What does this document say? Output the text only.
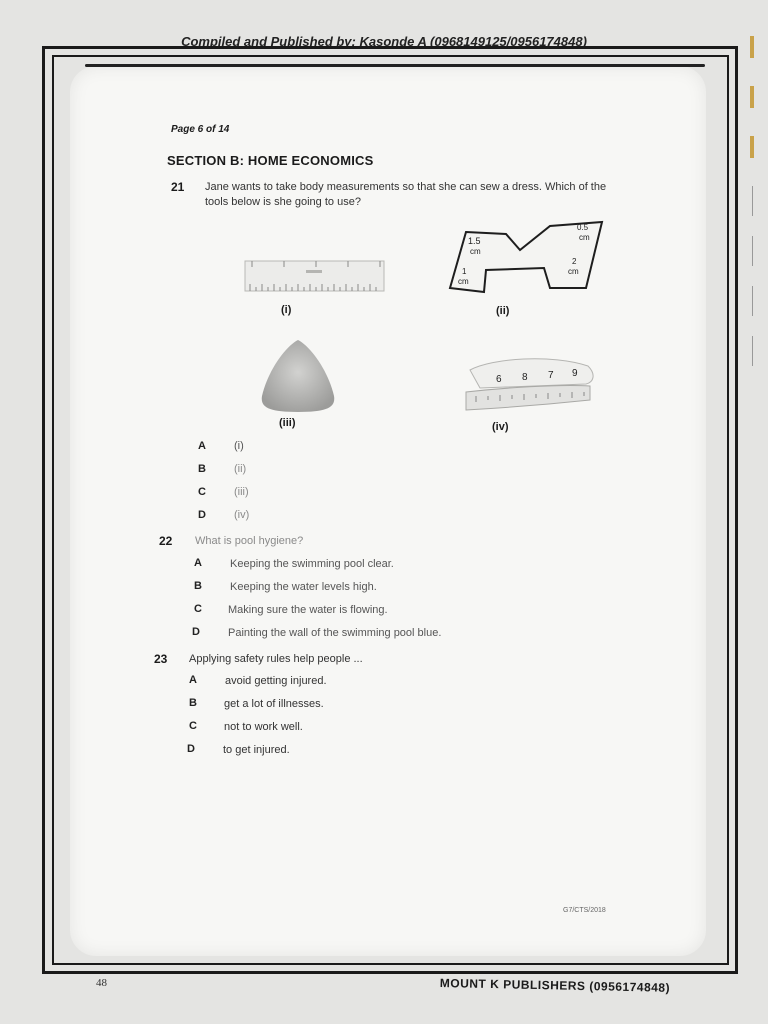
Compiled and Published by: Kasonde A (0968149125/0956174848)
Page 6 of 14
SECTION B: HOME ECONOMICS
21 Jane wants to take body measurements so that she can sew a dress. Which of the tools below is she going to use?
(i)
1.5
cm
0.5
cm
1
cm
2
cm
(ii)
(iii)
6 8 7 9
(iv)
A	(i)
B	(ii)
C	(iii)
D	(iv)
22 What is pool hygiene?
A	Keeping the swimming pool clear.
B	Keeping the water levels high.
C Making sure the water is flowing.
D	Painting the wall of the swimming pool blue.
23 Applying safety rules help people ...
A	avoid getting injured.
B get a lot of illnesses.
C not to work well.
D	to get injured.
G7/CTS/2018
48	MOUNT K PUBLISHERS (0956174848)
